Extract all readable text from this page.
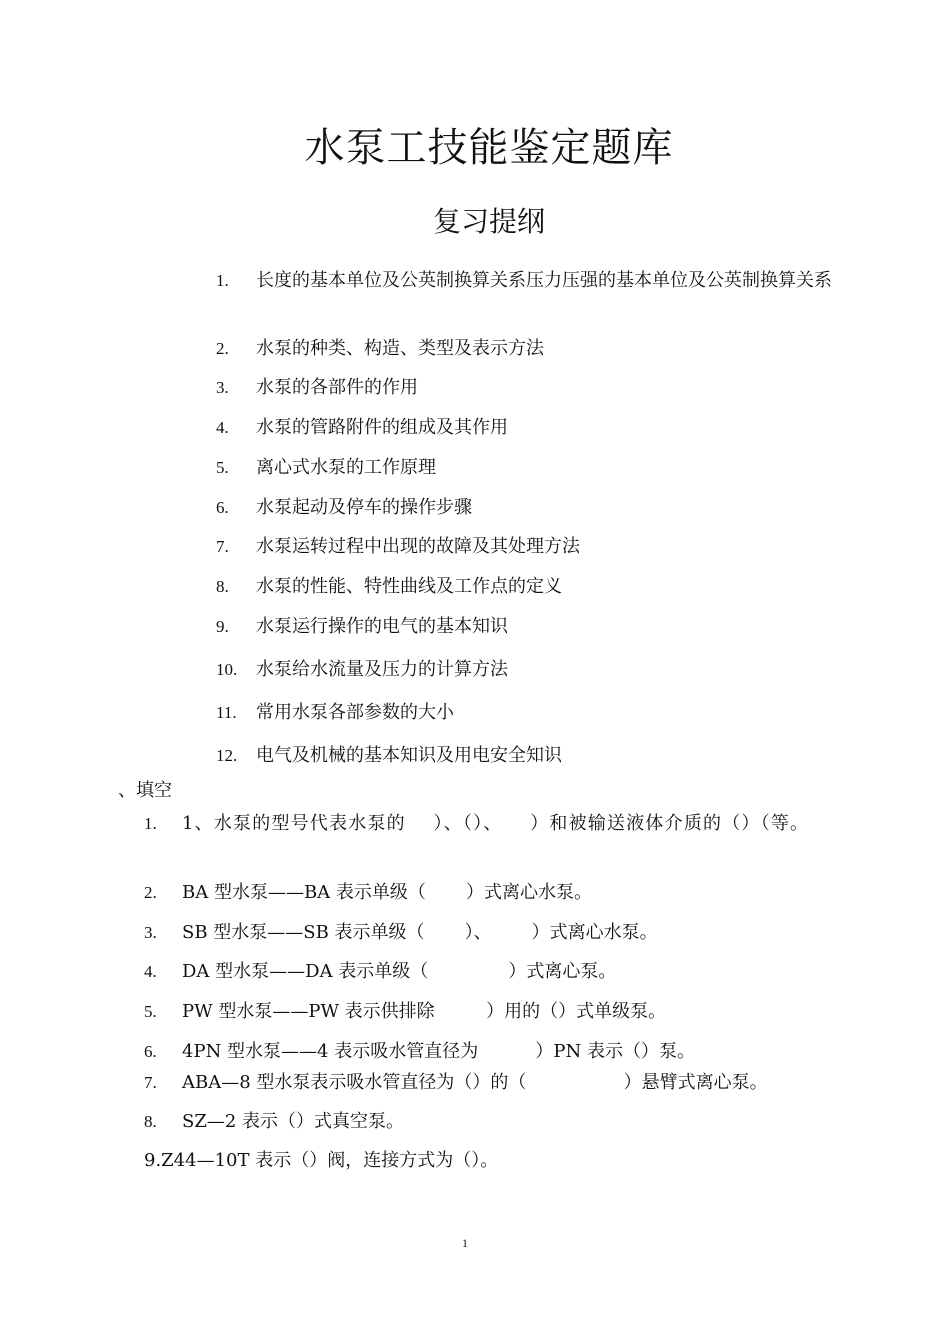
水泵工技能鉴定题库
复习提纲
1.	长度的基本单位及公英制换算关系压力压强的基本单位及公英制换算关系
2.	水泵的种类、构造、类型及表示方法
3.	水泵的各部件的作用
4.	水泵的管路附件的组成及其作用
5.	离心式水泵的工作原理
6.	水泵起动及停车的操作步骤
7.	水泵运转过程中出现的故障及其处理方法
8.	水泵的性能、特性曲线及工作点的定义
9.	水泵运行操作的电气的基本知识
10.	水泵给水流量及压力的计算方法
11.	常用水泵各部参数的大小
12.	电气及机械的基本知识及用电安全知识
、填空
1.	1、水泵的型号代表水泵的    ）、（）、    ）和被输送液体介质的（）（等。
2. BA 型水泵——BA 表示单级（       ）式离心水泵。
3. SB 型水泵——SB 表示单级（       ）、       ）式离心水泵。
4. DA 型水泵——DA 表示单级（              ）式离心泵。
5. PW 型水泵——PW 表示供排除         ）用的（）式单级泵。
6. 4PN 型水泵——4 表示吸水管直径为          ）PN 表示（）泵。
7. ABA—8 型水泵表示吸水管直径为（）的（                 ）悬臂式离心泵。
8. SZ—2 表示（）式真空泵。
9.Z44—10T 表示（）阀，连接方式为（）。
1
